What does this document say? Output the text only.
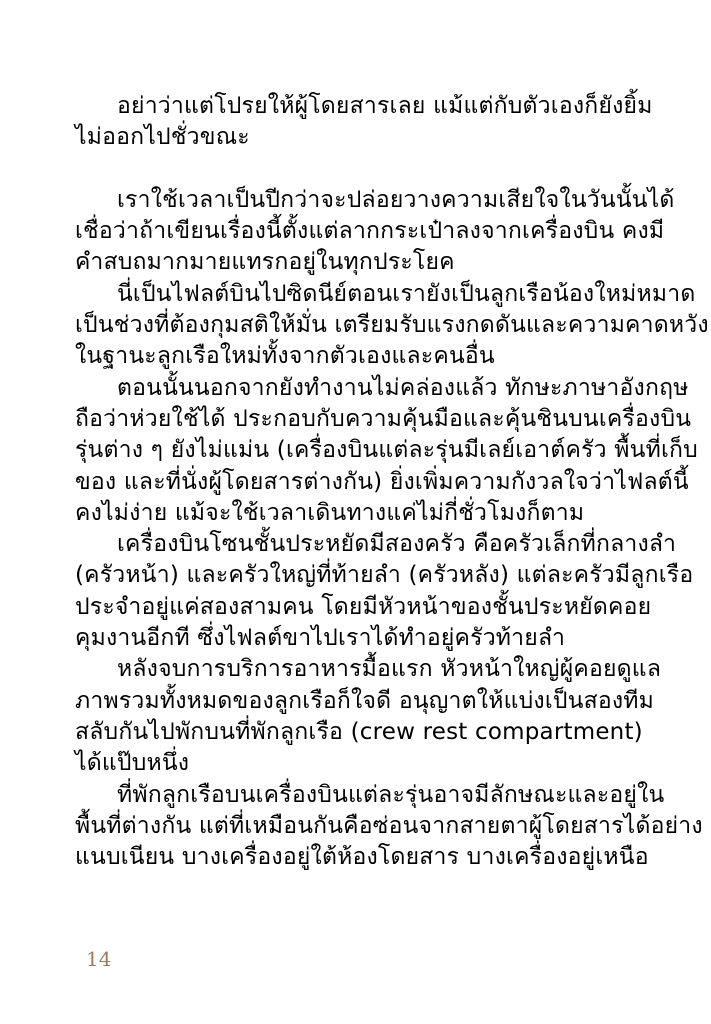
อย่าว่าแต่โปรยให้ผู้โดยสารเลย แม้แต่กับตัวเองก็ยังยิ้ม
ไม่ออกไปชั่วขณะ

เราใช้เวลาเป็นปีกว่าจะปล่อยวางความเสียใจในวันนั้นได้
เชื่อว่าถ้าเขียนเรื่องนี้ตั้งแต่ลากกระเป๋าลงจากเครื่องบิน คงมี
คำสบถมากมายแทรกอยู่ในทุกประโยค

นี่เป็นไฟลต์บินไปซิดนีย์ตอนเรายังเป็นลูกเรือน้องใหม่หมาด
เป็นช่วงที่ต้องกุมสติให้มั่น เตรียมรับแรงกดดันและความคาดหวัง
ในฐานะลูกเรือใหม่ทั้งจากตัวเองและคนอื่น

ตอนนั้นนอกจากยังทำงานไม่คล่องแล้ว ทักษะภาษาอังกฤษ
ถือว่าห่วยใช้ได้ ประกอบกับความคุ้นมือและคุ้นชินบนเครื่องบิน
รุ่นต่าง ๆ ยังไม่แม่น (เครื่องบินแต่ละรุ่นมีเลย์เอาต์ครัว พื้นที่เก็บ
ของ และที่นั่งผู้โดยสารต่างกัน) ยิ่งเพิ่มความกังวลใจว่าไฟลต์นี้
คงไม่ง่าย แม้จะใช้เวลาเดินทางแค่ไม่กี่ชั่วโมงก็ตาม

เครื่องบินโซนชั้นประหยัดมีสองครัว คือครัวเล็กที่กลางลำ
(ครัวหน้า) และครัวใหญ่ที่ท้ายลำ (ครัวหลัง) แต่ละครัวมีลูกเรือ
ประจำอยู่แค่สองสามคน โดยมีหัวหน้าของชั้นประหยัดคอย
คุมงานอีกที ซึ่งไฟลต์ขาไปเราได้ทำอยู่ครัวท้ายลำ

หลังจบการบริการอาหารมื้อแรก หัวหน้าใหญ่ผู้คอยดูแล
ภาพรวมทั้งหมดของลูกเรือก็ใจดี อนุญาตให้แบ่งเป็นสองทีม
สลับกันไปพักบนที่พักลูกเรือ (crew rest compartment)
ได้แป๊บหนึ่ง

ที่พักลูกเรือบนเครื่องบินแต่ละรุ่นอาจมีลักษณะและอยู่ใน
พื้นที่ต่างกัน แต่ที่เหมือนกันคือซ่อนจากสายตาผู้โดยสารได้อย่าง
แนบเนียน บางเครื่องอยู่ใต้ห้องโดยสาร บางเครื่องอยู่เหนือ

14
